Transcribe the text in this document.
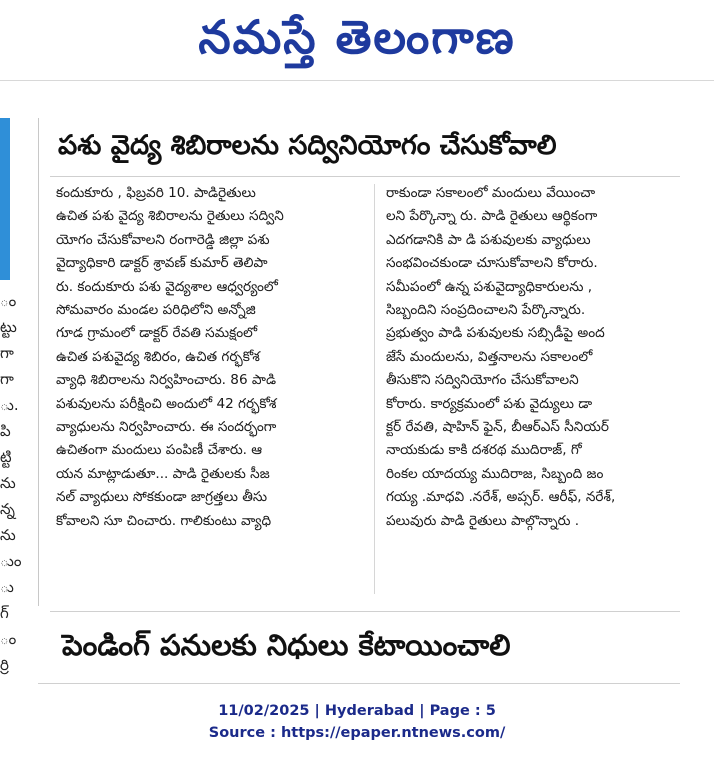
నమస్తే తెలంగాణ
ం
ట్టు
గా
గా
ు.
పి
ట్టి
ను
న్న
ను
ుం
ు
గ్
ం
ర్రి
పశు వైద్య శిబిరాలను సద్వినియోగం చేసుకోవాలి
కందుకూరు , ఫిబ్రవరి 10. పాడిరైతులు
ఉచిత పశు వైద్య శిబిరాలను రైతులు సద్విని
యోగం చేసుకోవాలని రంగారెడ్డి జిల్లా పశు
వైద్యాధికారి డాక్టర్ శ్రావణ్ కుమార్ తెలిపా
రు. కందుకూరు పశు వైద్యశాల ఆధ్వర్యంలో
సోమవారం మండల పరిధిలోని అన్నోజి
గూడ గ్రామంలో డాక్టర్ రేవతి సమక్షంలో
ఉచిత పశువైద్య శిబిరం, ఉచిత గర్భకోశ
వ్యాధి శిబిరాలను నిర్వహించారు. 86 పాడి
పశువులను పరీక్షించి అందులో 42 గర్భకోశ
వ్యాధులను నిర్వహించారు. ఈ సందర్భంగా
ఉచితంగా మందులు పంపిణీ చేశారు. ఆ
యన మాట్లాడుతూ... పాడి రైతులకు సీజ
నల్ వ్యాధులు సోకకుండా జాగ్రత్తలు తీసు
కోవాలని సూ చించారు. గాలికుంటు వ్యాధి
రాకుండా సకాలంలో మందులు వేయించా
లని పేర్కొన్నా రు. పాడి రైతులు ఆర్థికంగా
ఎదగడానికి పా డి పశువులకు వ్యాధులు
సంభవించకుండా చూసుకోవాలని కోరారు.
సమీపంలో ఉన్న పశువైద్యాధికారులను ,
సిబ్బందిని సంప్రదించాలని పేర్కొన్నారు.
ప్రభుత్వం పాడి పశువులకు సబ్సిడీపై అంద
జేసే మందులను, విత్తనాలను సకాలంలో
తీసుకొని సద్వినియోగం చేసుకోవాలని
కోరారు. కార్యక్రమంలో పశు వైద్యులు డా
క్టర్ రేవతి, షాహిన్ ఫైన్, బీఆర్ఎస్ సీనియర్
నాయకుడు కాకి దశరథ ముదిరాజ్, గో
రింకల యాదయ్య ముదిరాజ, సిబ్బంది జం
గయ్య .మాధవి .నరేశ్, అప్సర్. ఆరీఫ్, నరేశ్,
పలువురు పాడి రైతులు పాల్గొన్నారు .
పెండింగ్ పనులకు నిధులు కేటాయించాలి
11/02/2025 | Hyderabad | Page : 5
Source : https://epaper.ntnews.com/
